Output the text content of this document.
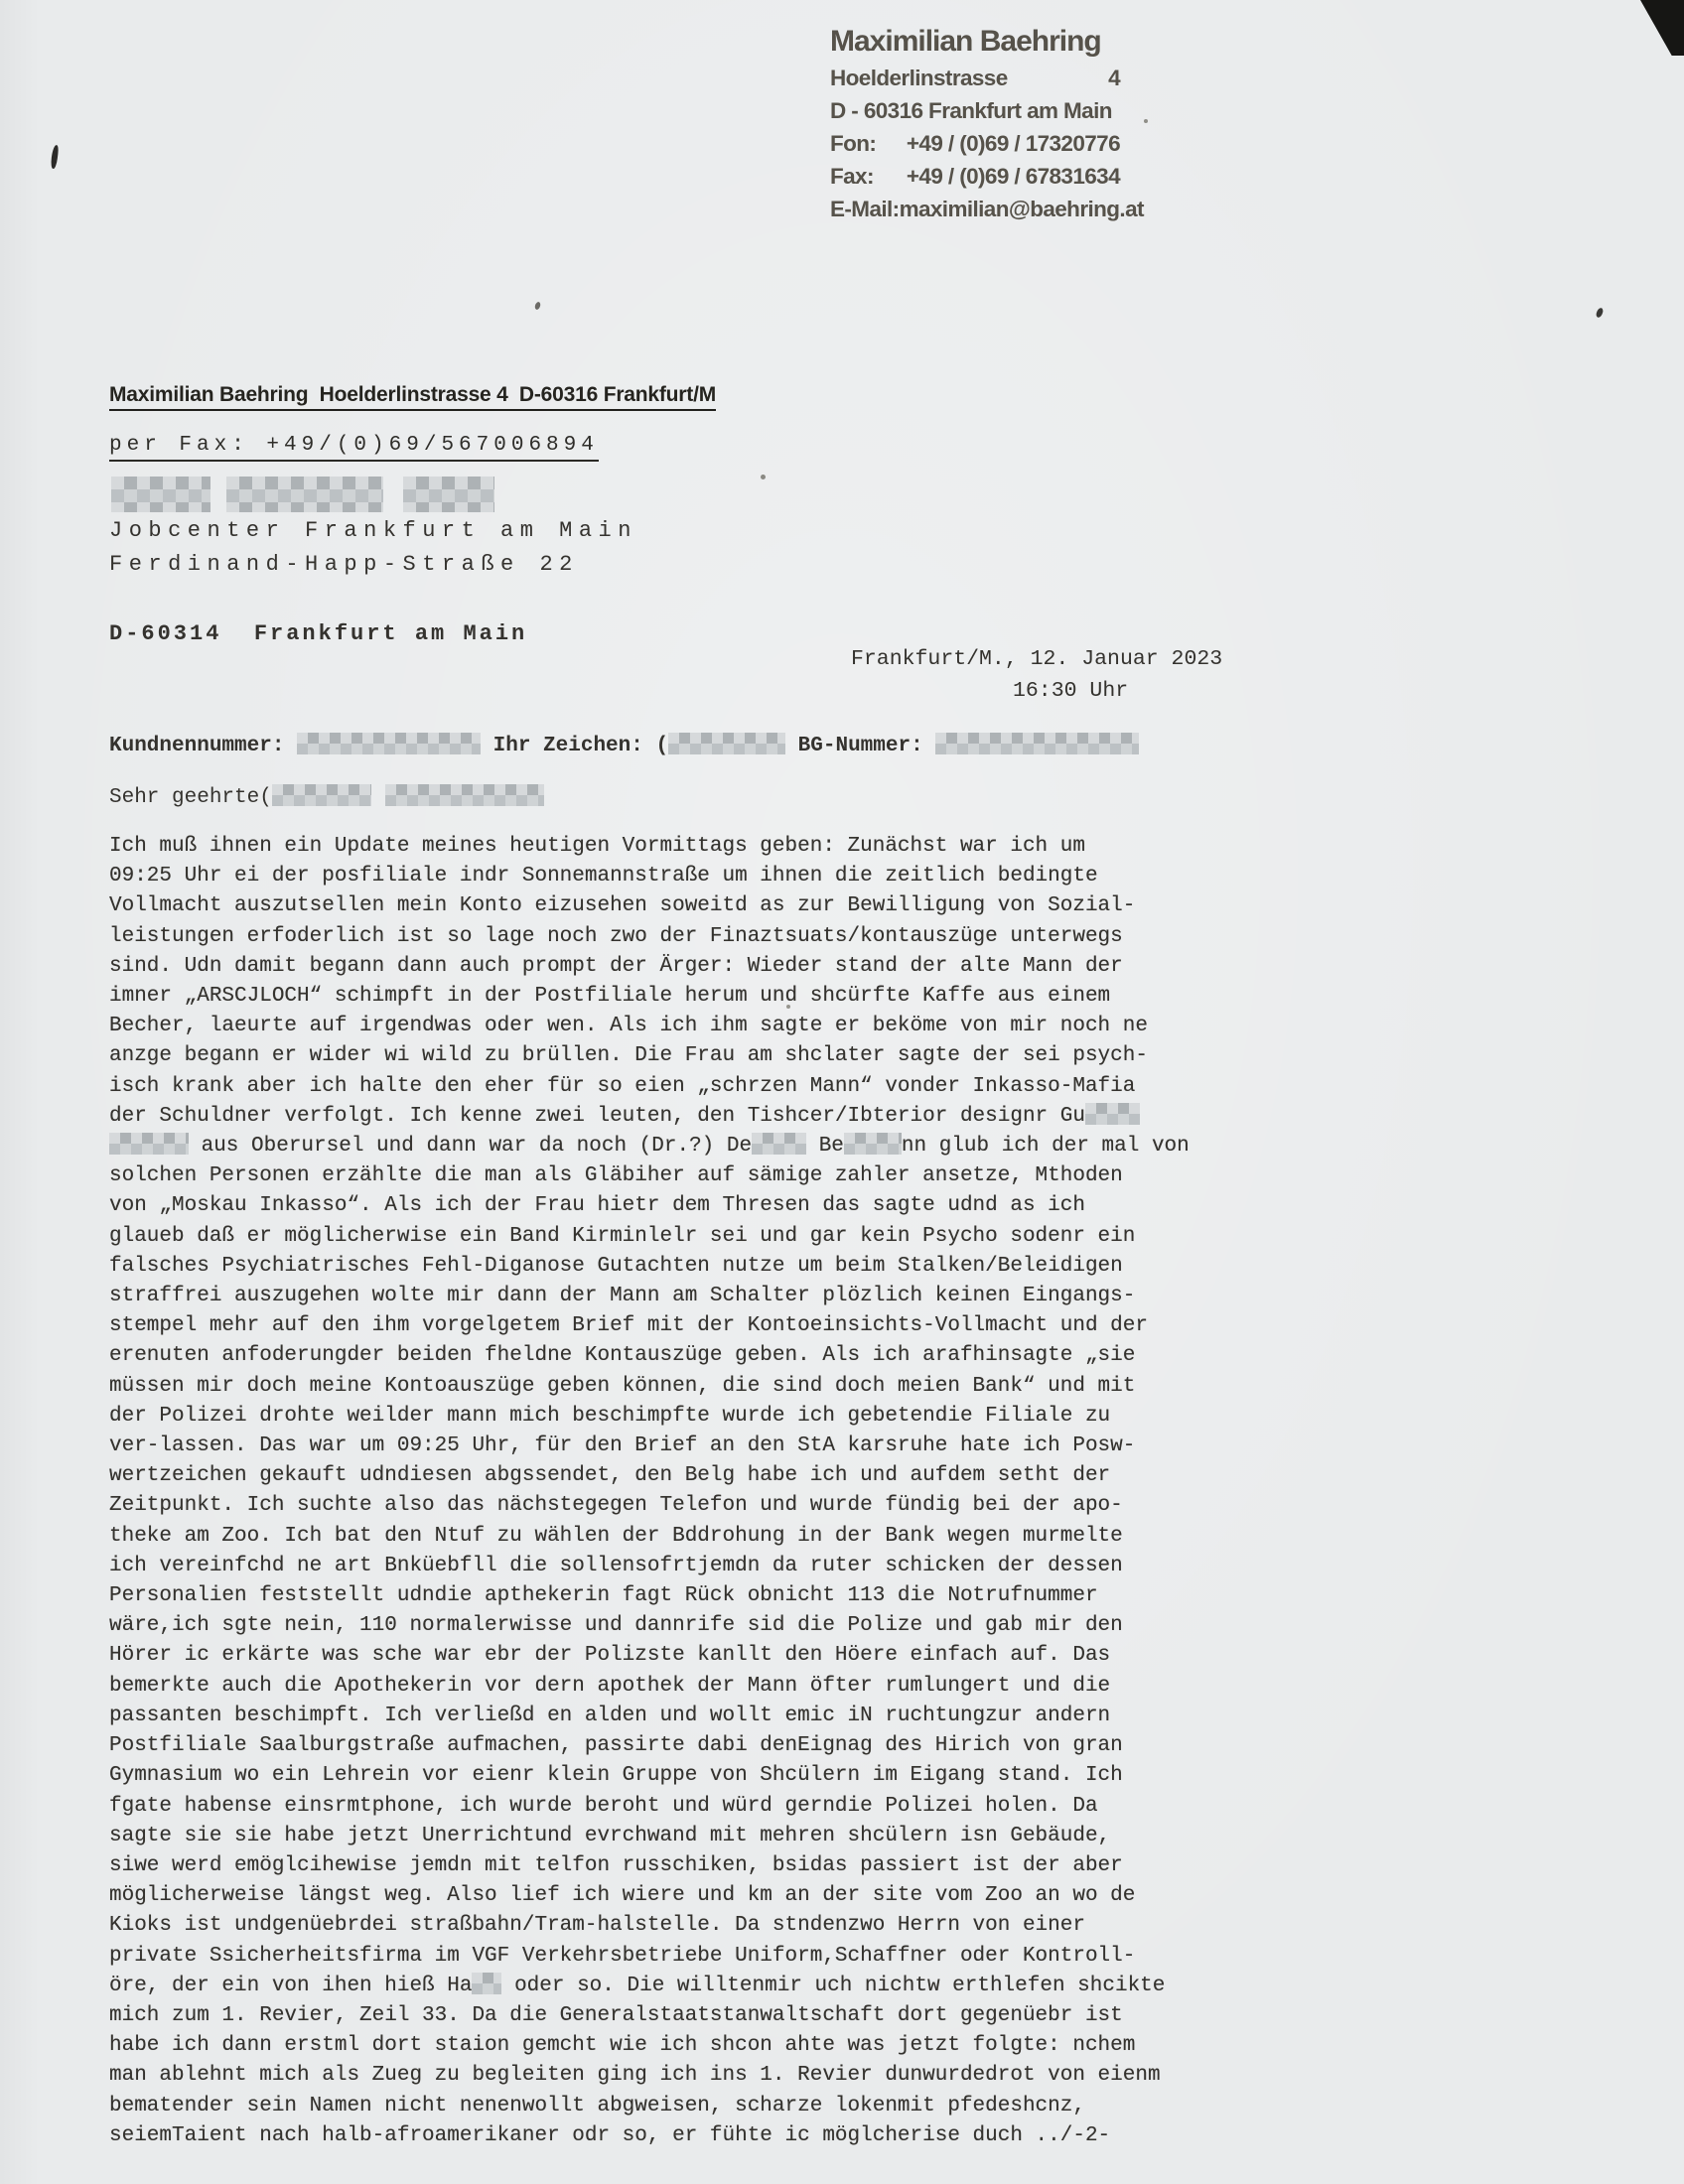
Maximilian Baehring
Hoelderlinstrasse	4
D - 60316 Frankfurt am Main
Fon: +49 / (0)69 / 17320776
Fax: +49 / (0)69 / 67831634
E-Mail: maximilian@baehring.at
Maximilian Baehring  Hoelderlinstrasse 4  D-60316 Frankfurt/M
per Fax: +49/(0)69/567006894
Jobcenter Frankfurt am Main
Ferdinand-Happ-Straße 22
D-60314  Frankfurt am Main
Frankfurt/M., 12. Januar 2023
16:30 Uhr
Kundnennummer:	Ihr Zeichen: (	BG-Nummer:
Sehr geehrte(
Ich muß ihnen ein Update meines heutigen Vormittags geben: Zunächst war ich um
09:25 Uhr ei der posfiliale indr Sonnemannstraße um ihnen die zeitlich bedingte
Vollmacht auszutsellen mein Konto eizusehen soweitd as zur Bewilligung von Sozial-
leistungen erfoderlich ist so lage noch zwo der Finaztsuats/kontauszüge unterwegs
sind. Udn damit begann dann auch prompt der Ärger: Wieder stand der alte Mann der
imner „ARSCJLOCH“ schimpft in der Postfiliale herum und shcürfte Kaffe aus einem
Becher, laeurte auf irgendwas oder wen. Als ich ihm sagte er beköme von mir noch ne
anzge begann er wider wi wild zu brüllen. Die Frau am shclater sagte der sei psych-
isch krank aber ich halte den eher für so eien „schrzen Mann“ vonder Inkasso-Mafia
der Schuldner verfolgt. Ich kenne zwei leuten, den Tishcer/Ibterior designr Gu
aus Oberursel und dann war da noch (Dr.?) De	Be	nn glub ich der mal von
solchen Personen erzählte die man als Gläbiher auf sämige zahler ansetze, Mthoden
von „Moskau Inkasso“. Als ich der Frau hietr dem Thresen das sagte udnd as ich
glaueb daß er möglicherwise ein Band Kirminlelr sei und gar kein Psycho sodenr ein
falsches Psychiatrisches Fehl-Diganose Gutachten nutze um beim Stalken/Beleidigen
straffrei auszugehen wolte mir dann der Mann am Schalter plözlich keinen Eingangs-
stempel mehr auf den ihm vorgelgetem Brief mit der Kontoeinsichts-Vollmacht und der
erenuten anfoderungder beiden fheldne Kontauszüge geben. Als ich arafhinsagte „sie
müssen mir doch meine Kontoauszüge geben können, die sind doch meien Bank“ und mit
der Polizei drohte weilder mann mich beschimpfte wurde ich gebetendie Filiale zu
ver-lassen. Das war um 09:25 Uhr, für den Brief an den StA karsruhe hate ich Posw-
wertzeichen gekauft udndiesen abgssendet, den Belg habe ich und aufdem setht der
Zeitpunkt. Ich suchte also das nächstegegen Telefon und wurde fündig bei der apo-
theke am Zoo. Ich bat den Ntuf zu wählen der Bddrohung in der Bank wegen murmelte
ich vereinfchd ne art Bnküebfll die sollensofrtjemdn da ruter schicken der dessen
Personalien feststellt udndie apthekerin fagt Rück obnicht 113 die Notrufnummer
wäre,ich sgte nein, 110 normalerwisse und dannrife sid die Polize und gab mir den
Hörer ic erkärte was sche war ebr der Polizste kanllt den Höere einfach auf. Das
bemerkte auch die Apothekerin vor dern apothek der Mann öfter rumlungert und die
passanten beschimpft. Ich verließd en alden und wollt emic iN ruchtungzur andern
Postfiliale Saalburgstraße aufmachen, passirte dabi denEignag des Hirich von gran
Gymnasium wo ein Lehrein vor eienr klein Gruppe von Shcülern im Eigang stand. Ich
fgate habense einsrmtphone, ich wurde beroht und würd gerndie Polizei holen. Da
sagte sie sie habe jetzt Unerrichtund evrchwand mit mehren shcülern isn Gebäude,
siwe werd emöglcihewise jemdn mit telfon russchiken, bsidas passiert ist der aber
möglicherweise längst weg. Also lief ich wiere und km an der site vom Zoo an wo de
Kioks ist undgenüebrdei straßbahn/Tram-halstelle. Da stndenzwo Herrn von einer
private Ssicherheitsfirma im VGF Verkehrsbetriebe Uniform,Schaffner oder Kontroll-
öre, der ein von ihen hieß Ha oder so. Die willtenmir uch nichtw erthlefen shcikte
mich zum 1. Revier, Zeil 33. Da die Generalstaatstanwaltschaft dort gegenüebr ist
habe ich dann erstml dort staion gemcht wie ich shcon ahte was jetzt folgte: nchem
man ablehnt mich als Zueg zu begleiten ging ich ins 1. Revier dunwurdedrot von eienm
bematender sein Namen nicht nenenwollt abgweisen, scharze lokenmit pfedeshcnz,
seiemTaient nach halb-afroamerikaner odr so, er fühte ic möglcherise duch ../-2-
